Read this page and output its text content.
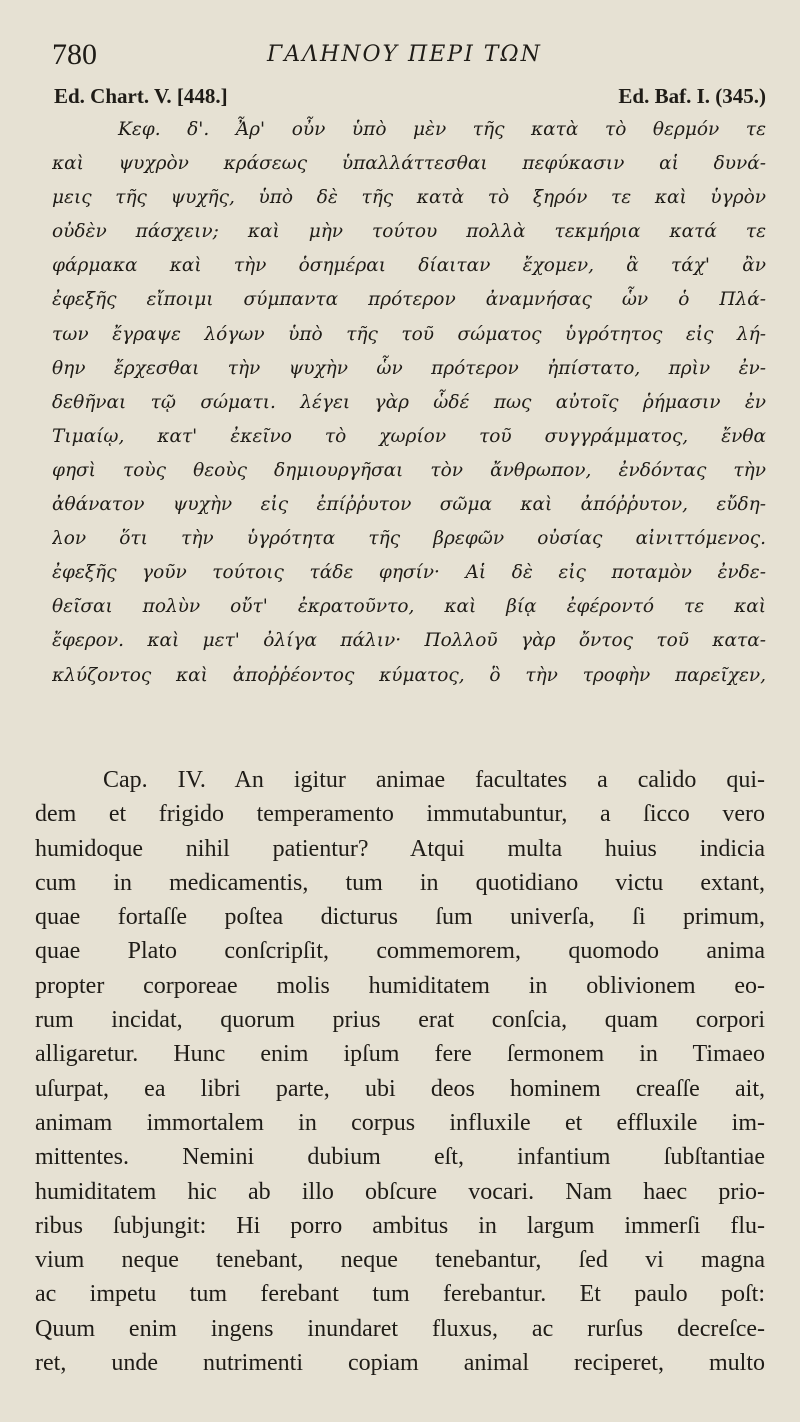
780	ΓΑΛΗΝΟΥ ΠΕΡΙ ΤΩΝ
Ed. Chart. V. [448.]	Ed. Baf. I. (345.)
Κεφ. δ'. Ἆρ' οὖν ὑπὸ μὲν τῆς κατὰ τὸ θερμόν τε
καὶ ψυχρὸν κράσεως ὑπαλλάττεσθαι πεφύκασιν αἱ δυνά-
μεις τῆς ψυχῆς, ὑπὸ δὲ τῆς κατὰ τὸ ξηρόν τε καὶ ὑγρὸν
οὐδὲν πάσχειν; καὶ μὴν τούτου πολλὰ τεκμήρια κατά τε
φάρμακα καὶ τὴν ὁσημέραι δίαιταν ἔχομεν, ἃ τάχ' ἂν
ἐφεξῆς εἴποιμι σύμπαντα πρότερον ἀναμνήσας ὧν ὁ Πλά-
των ἔγραψε λόγων ὑπὸ τῆς τοῦ σώματος ὑγρότητος εἰς λή-
θην ἔρχεσθαι τὴν ψυχὴν ὧν πρότερον ἠπίστατο, πρὶν ἐν-
δεθῆναι τῷ σώματι. λέγει γὰρ ὧδέ πως αὐτοῖς ῥήμασιν ἐν
Τιμαίῳ, κατ' ἐκεῖνο τὸ χωρίον τοῦ συγγράμματος, ἔνθα
φησὶ τοὺς θεοὺς δημιουργῆσαι τὸν ἄνθρωπον, ἐνδόντας τὴν
ἀθάνατον ψυχὴν εἰς ἐπίῤῥυτον σῶμα καὶ ἀπόῤῥυτον, εὔδη-
λον ὅτι τὴν ὑγρότητα τῆς βρεφῶν οὐσίας αἰνιττόμενος.
ἐφεξῆς γοῦν τούτοις τάδε φησίν· Αἱ δὲ εἰς ποταμὸν ἐνδε-
θεῖσαι πολὺν οὔτ' ἐκρατοῦντο, καὶ βίᾳ ἐφέροντό τε καὶ
ἔφερον. καὶ μετ' ὀλίγα πάλιν· Πολλοῦ γὰρ ὄντος τοῦ κατα-
κλύζοντος καὶ ἀποῤῥέοντος κύματος, ὃ τὴν τροφὴν παρεῖχεν,
Cap. IV. An igitur animae facultates a calido qui-
dem et frigido temperamento immutabuntur, a ſicco vero
humidoque nihil patientur? Atqui multa huius indicia
cum in medicamentis, tum in quotidiano victu extant,
quae fortaſſe poſtea dicturus ſum univerſa, ſi primum,
quae Plato conſcripſit, commemorem, quomodo anima
propter corporeae molis humiditatem in oblivionem eo-
rum incidat, quorum prius erat conſcia, quam corpori
alligaretur. Hunc enim ipſum fere ſermonem in Timaeo
uſurpat, ea libri parte, ubi deos hominem creaſſe ait,
animam immortalem in corpus influxile et effluxile im-
mittentes. Nemini dubium eſt, infantium ſubſtantiae
humiditatem hic ab illo obſcure vocari. Nam haec prio-
ribus ſubjungit: Hi porro ambitus in largum immerſi flu-
vium neque tenebant, neque tenebantur, ſed vi magna
ac impetu tum ferebant tum ferebantur. Et paulo poſt:
Quum enim ingens inundaret fluxus, ac rurſus decreſce-
ret, unde nutrimenti copiam animal reciperet, multo
